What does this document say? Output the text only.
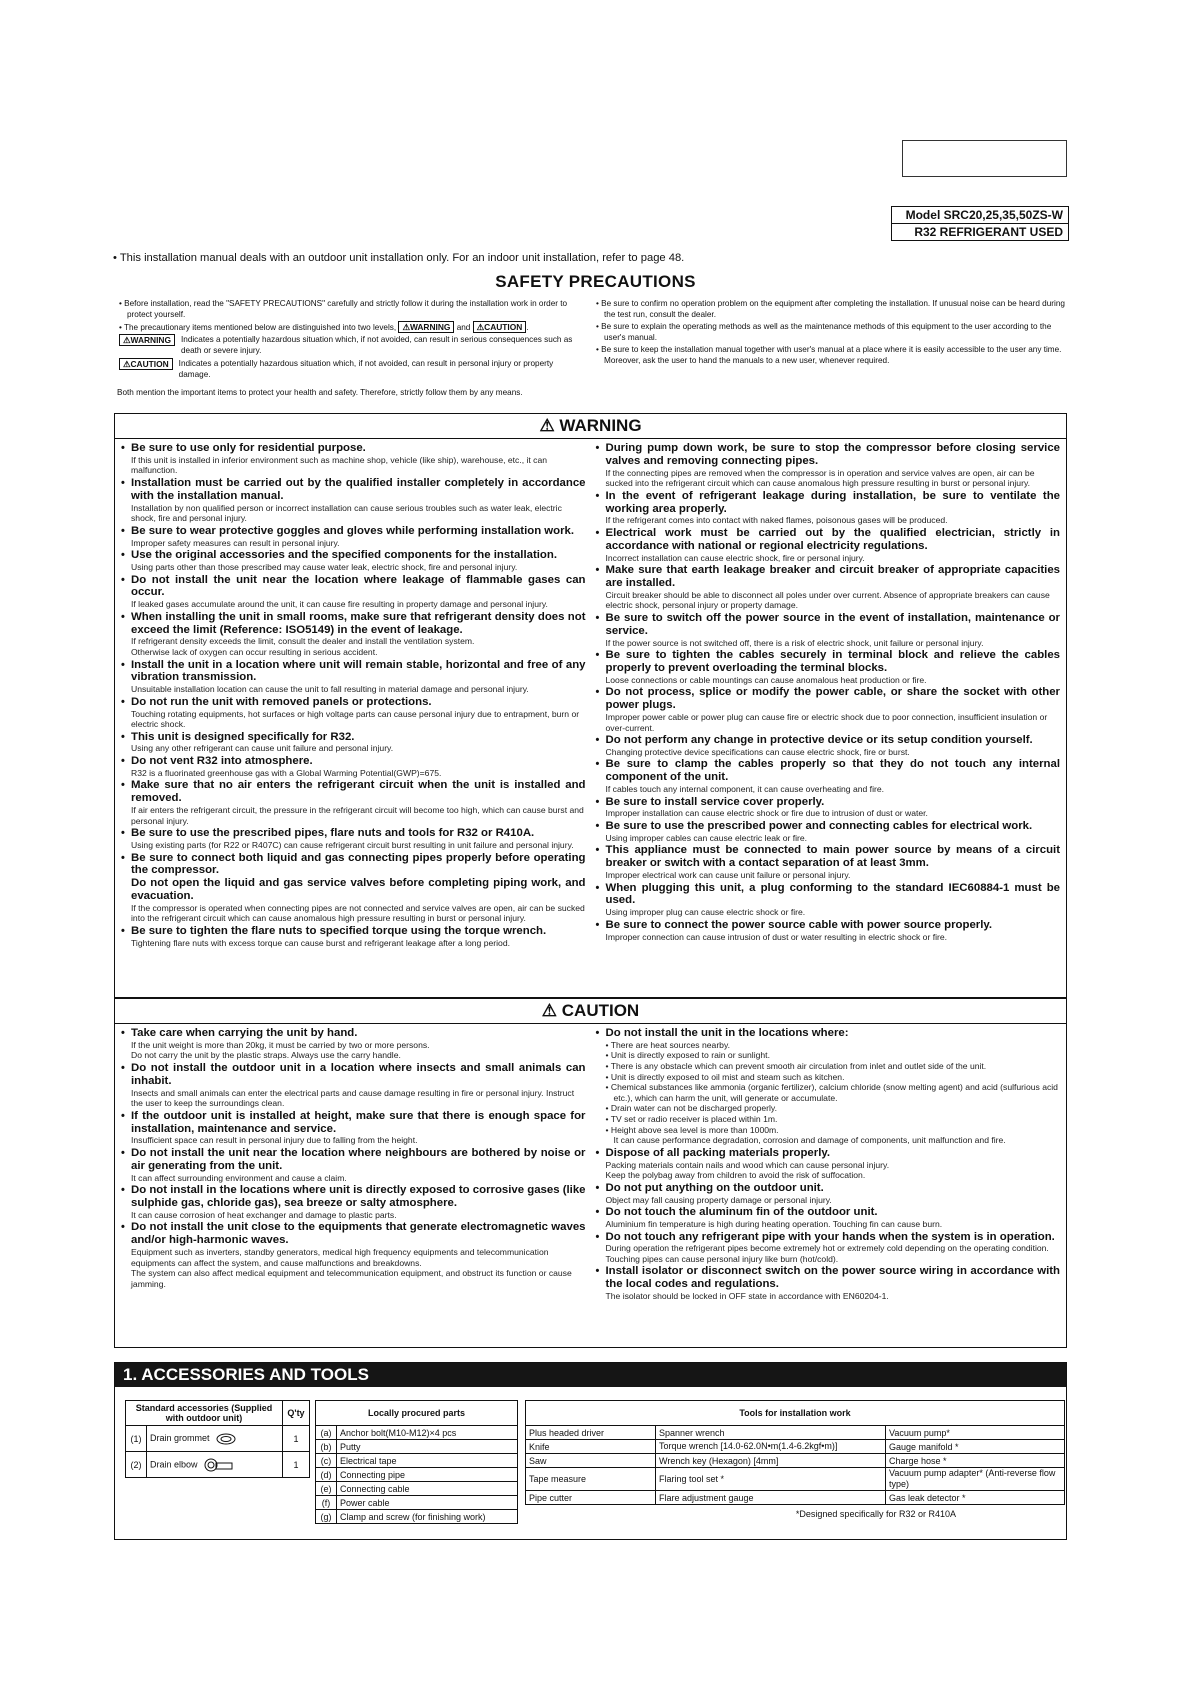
Model SRC20,25,35,50ZS-W
R32 REFRIGERANT USED
• This installation manual deals with an outdoor unit installation only. For an indoor unit installation, refer to page 48.
SAFETY PRECAUTIONS

• Before installation, read the "SAFETY PRECAUTIONS" carefully and strictly follow it during the installation work in order to protect yourself.

• The precautionary items mentioned below are distinguished into two levels, ⚠WARNING and ⚠CAUTION .

⚠WARNING	Indicates a potentially hazardous situation which, if not avoided, can result in serious consequences such as death or severe injury.
⚠CAUTION	Indicates a potentially hazardous situation which, if not avoided, can result in personal injury or property damage.
Both mention the important items to protect your health and safety. Therefore, strictly follow them by any means.

• Be sure to confirm no operation problem on the equipment after completing the installation. If unusual noise can be heard during the test run, consult the dealer.

• Be sure to explain the operating methods as well as the maintenance methods of this equipment to the user according to the user's manual.

• Be sure to keep the installation manual together with user's manual at a place where it is easily accessible to the user any time. Moreover, ask the user to hand the manuals to a new user, whenever required.

⚠ WARNING
• Be sure to use only for residential purpose.
If this unit is installed in inferior environment such as machine shop, vehicle (like ship), warehouse, etc., it can malfunction.
• Installation must be carried out by the qualified installer completely in accordance with the installation manual.
Installation by non qualified person or incorrect installation can cause serious troubles such as water leak, electric shock, fire and personal injury.
• Be sure to wear protective goggles and gloves while performing installation work.
Improper safety measures can result in personal injury.
• Use the original accessories and the specified components for the installation.
Using parts other than those prescribed may cause water leak, electric shock, fire and personal injury.
• Do not install the unit near the location where leakage of flammable gases can occur.
If leaked gases accumulate around the unit, it can cause fire resulting in property damage and personal injury.
• When installing the unit in small rooms, make sure that refrigerant density does not exceed the limit (Reference: ISO5149) in the event of leakage.
If refrigerant density exceeds the limit, consult the dealer and install the ventilation system.
Otherwise lack of oxygen can occur resulting in serious accident.
• Install the unit in a location where unit will remain stable, horizontal and free of any vibration transmission.
Unsuitable installation location can cause the unit to fall resulting in material damage and personal injury.
• Do not run the unit with removed panels or protections.
Touching rotating equipments, hot surfaces or high voltage parts can cause personal injury due to entrapment, burn or electric shock.
• This unit is designed specifically for R32.
Using any other refrigerant can cause unit failure and personal injury.
• Do not vent R32 into atmosphere.
R32 is a fluorinated greenhouse gas with a Global Warming Potential(GWP)=675.
• Make sure that no air enters the refrigerant circuit when the unit is installed and removed.
If air enters the refrigerant circuit, the pressure in the refrigerant circuit will become too high, which can cause burst and personal injury.
• Be sure to use the prescribed pipes, flare nuts and tools for R32 or R410A.
Using existing parts (for R22 or R407C) can cause refrigerant circuit burst resulting in unit failure and personal injury.
• Be sure to connect both liquid and gas connecting pipes properly before operating the compressor.
Do not open the liquid and gas service valves before completing piping work, and evacuation.
If the compressor is operated when connecting pipes are not connected and service valves are open, air can be sucked into the refrigerant circuit which can cause anomalous high pressure resulting in burst or personal injury.
• Be sure to tighten the flare nuts to specified torque using the torque wrench.
Tightening flare nuts with excess torque can cause burst and refrigerant leakage after a long period.
• During pump down work, be sure to stop the compressor before closing service valves and removing connecting pipes.
If the connecting pipes are removed when the compressor is in operation and service valves are open, air can be sucked into the refrigerant circuit which can cause anomalous high pressure resulting in burst or personal injury.
• In the event of refrigerant leakage during installation, be sure to ventilate the working area properly.
If the refrigerant comes into contact with naked flames, poisonous gases will be produced.
• Electrical work must be carried out by the qualified electrician, strictly in accordance with national or regional electricity regulations.
Incorrect installation can cause electric shock, fire or personal injury.
• Make sure that earth leakage breaker and circuit breaker of appropriate capacities are installed.
Circuit breaker should be able to disconnect all poles under over current. Absence of appropriate breakers can cause electric shock, personal injury or property damage.
• Be sure to switch off the power source in the event of installation, maintenance or service.
If the power source is not switched off, there is a risk of electric shock, unit failure or personal injury.
• Be sure to tighten the cables securely in terminal block and relieve the cables properly to prevent overloading the terminal blocks.
Loose connections or cable mountings can cause anomalous heat production or fire.
• Do not process, splice or modify the power cable, or share the socket with other power plugs.
Improper power cable or power plug can cause fire or electric shock due to poor connection, insufficient insulation or over-current.
• Do not perform any change in protective device or its setup condition yourself.
Changing protective device specifications can cause electric shock, fire or burst.
• Be sure to clamp the cables properly so that they do not touch any internal component of the unit.
If cables touch any internal component, it can cause overheating and fire.
• Be sure to install service cover properly.
Improper installation can cause electric shock or fire due to intrusion of dust or water.
• Be sure to use the prescribed power and connecting cables for electrical work.
Using improper cables can cause electric leak or fire.
• This appliance must be connected to main power source by means of a circuit breaker or switch with a contact separation of at least 3mm.
Improper electrical work can cause unit failure or personal injury.
• When plugging this unit, a plug conforming to the standard IEC60884-1 must be used.
Using improper plug can cause electric shock or fire.
• Be sure to connect the power source cable with power source properly.
Improper connection can cause intrusion of dust or water resulting in electric shock or fire.
⚠ CAUTION
• Take care when carrying the unit by hand.
If the unit weight is more than 20kg, it must be carried by two or more persons.
Do not carry the unit by the plastic straps. Always use the carry handle.
• Do not install the outdoor unit in a location where insects and small animals can inhabit.
Insects and small animals can enter the electrical parts and cause damage resulting in fire or personal injury. Instruct the user to keep the surroundings clean.
• If the outdoor unit is installed at height, make sure that there is enough space for installation, maintenance and service.
Insufficient space can result in personal injury due to falling from the height.
• Do not install the unit near the location where neighbours are bothered by noise or air generating from the unit.
It can affect surrounding environment and cause a claim.
• Do not install in the locations where unit is directly exposed to corrosive gases (like sulphide gas, chloride gas), sea breeze or salty atmosphere.
It can cause corrosion of heat exchanger and damage to plastic parts.
• Do not install the unit close to the equipments that generate electromagnetic waves and/or high-harmonic waves.
Equipment such as inverters, standby generators, medical high frequency equipments and telecommunication equipments can affect the system, and cause malfunctions and breakdowns.
The system can also affect medical equipment and telecommunication equipment, and obstruct its function or cause jamming.
• Do not install the unit in the locations where:
• There are heat sources nearby.
• Unit is directly exposed to rain or sunlight.
• There is any obstacle which can prevent smooth air circulation from inlet and outlet side of the unit.
• Unit is directly exposed to oil mist and steam such as kitchen.
• Chemical substances like ammonia (organic fertilizer), calcium chloride (snow melting agent) and acid (sulfurious acid etc.), which can harm the unit, will generate or accumulate.
• Drain water can not be discharged properly.
• TV set or radio receiver is placed within 1m.
• Height above sea level is more than 1000m.
It can cause performance degradation, corrosion and damage of components, unit malfunction and fire.
• Dispose of all packing materials properly.
Packing materials contain nails and wood which can cause personal injury.
Keep the polybag away from children to avoid the risk of suffocation.
• Do not put anything on the outdoor unit.
Object may fall causing property damage or personal injury.
• Do not touch the aluminum fin of the outdoor unit.
Aluminium fin temperature is high during heating operation. Touching fin can cause burn.
• Do not touch any refrigerant pipe with your hands when the system is in operation.
During operation the refrigerant pipes become extremely hot or extremely cold depending on the operating condition. Touching pipes can cause personal injury like burn (hot/cold).
• Install isolator or disconnect switch on the power source wiring in accordance with the local codes and regulations.
The isolator should be locked in OFF state in accordance with EN60204-1.
1. ACCESSORIES AND TOOLS
Standard accessories (Supplied with outdoor unit)		Q'ty
(1)	Drain grommet	1
(2)	Drain elbow	1
Locally procured parts	
(a)	Anchor bolt(M10-M12)×4 pcs
(b)	Putty
(c)	Electrical tape
(d)	Connecting pipe
(e)	Connecting cable
(f)	Power cable
(g)	Clamp and screw (for finishing work)
Tools for installation work		
Plus headed driver	Spanner wrench	Vacuum pump*
Knife	Torque wrench [14.0-62.0N•m(1.4-6.2kgf•m)]	Gauge manifold *
Saw	Wrench key (Hexagon) [4mm]	Charge hose *
Tape measure	Flaring tool set *	Vacuum pump adapter* (Anti-reverse flow type)
Pipe cutter	Flare adjustment gauge	Gas leak detector *
*Designed specifically for R32 or R410A
